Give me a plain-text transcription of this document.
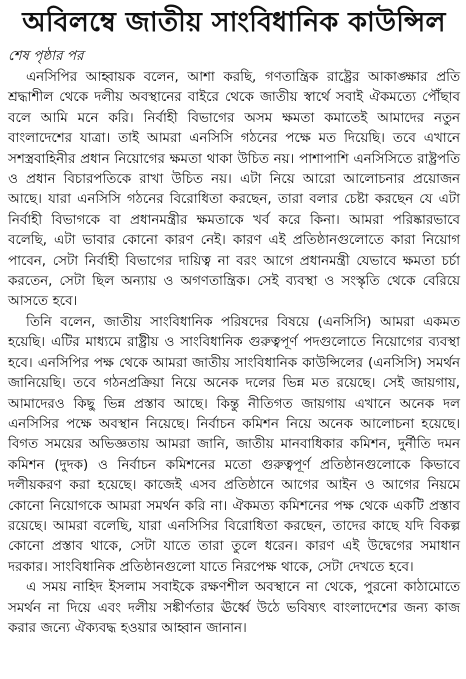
অবিলম্বে জাতীয় সাংবিধানিক কাউন্সিল
শেষ পৃষ্ঠার পর

এনসিপির আহ্বায়ক বলেন, আশা করছি, গণতান্ত্রিক রাষ্ট্রের আকাঙ্ক্ষার প্রতি শ্রদ্ধাশীল থেকে দলীয় অবস্থানের বাইরে থেকে জাতীয় স্বার্থে সবাই ঐকমত্যে পৌঁছাব বলে আমি মনে করি। নির্বাহী বিভাগের অসম ক্ষমতা কমাতেই আমাদের নতুন বাংলাদেশের যাত্রা। তাই আমরা এনসিসি গঠনের পক্ষে মত দিয়েছি। তবে এখানে সশস্ত্রবাহিনীর প্রধান নিয়োগের ক্ষমতা থাকা উচিত নয়। পাশাপাশি এনসিসিতে রাষ্ট্রপতি ও প্রধান বিচারপতিকে রাখা উচিত নয়। এটা নিয়ে আরো আলোচনার প্রয়োজন আছে। যারা এনসিসি গঠনের বিরোধিতা করছেন, তারা বলার চেষ্টা করছেন যে এটা নির্বাহী বিভাগকে বা প্রধানমন্ত্রীর ক্ষমতাকে খর্ব করে কিনা। আমরা পরিষ্কারভাবে বলেছি, এটা ভাবার কোনো কারণ নেই। কারণ এই প্রতিষ্ঠানগুলোতে কারা নিয়োগ পাবেন, সেটা নির্বাহী বিভাগের দায়িত্ব না বরং আগে প্রধানমন্ত্রী যেভাবে ক্ষমতা চর্চা করতেন, সেটা ছিল অন্যায় ও অগণতান্ত্রিক। সেই ব্যবস্থা ও সংস্কৃতি থেকে বেরিয়ে আসতে হবে।

তিনি বলেন, জাতীয় সাংবিধানিক পরিষদের বিষয়ে (এনসিসি) আমরা একমত হয়েছি। এটির মাধ্যমে রাষ্ট্রীয় ও সাংবিধানিক গুরুত্বপূর্ণ পদগুলোতে নিয়োগের ব্যবস্থা হবে। এনসিপির পক্ষ থেকে আমরা জাতীয় সাংবিধানিক কাউন্সিলের (এনসিসি) সমর্থন জানিয়েছি। তবে গঠনপ্রক্রিয়া নিয়ে অনেক দলের ভিন্ন মত রয়েছে। সেই জায়গায়, আমাদেরও কিছু ভিন্ন প্রস্তাব আছে। কিন্তু নীতিগত জায়গায় এখানে অনেক দল এনসিসির পক্ষে অবস্থান নিয়েছে। নির্বাচন কমিশন নিয়ে অনেক আলোচনা হয়েছে। বিগত সময়ের অভিজ্ঞতায় আমরা জানি, জাতীয় মানবাধিকার কমিশন, দুর্নীতি দমন কমিশন (দুদক) ও নির্বাচন কমিশনের মতো গুরুত্বপূর্ণ প্রতিষ্ঠানগুলোকে কিভাবে দলীয়করণ করা হয়েছে। কাজেই এসব প্রতিষ্ঠানে আগের আইন ও আগের নিয়মে কোনো নিয়োগকে আমরা সমর্থন করি না। ঐকমত্য কমিশনের পক্ষ থেকে একটি প্রস্তাব রয়েছে। আমরা বলেছি, যারা এনসিসির বিরোধিতা করছেন, তাদের কাছে যদি বিকল্প কোনো প্রস্তাব থাকে, সেটা যাতে তারা তুলে ধরেন। কারণ এই উদ্বেগের সমাধান দরকার। সাংবিধানিক প্রতিষ্ঠানগুলো যাতে নিরপেক্ষ থাকে, সেটা দেখতে হবে।

এ সময় নাহিদ ইসলাম সবাইকে রক্ষণশীল অবস্থানে না থেকে, পুরনো কাঠামোতে সমর্থন না দিয়ে এবং দলীয় সঙ্কীর্ণতার ঊর্ধ্বে উঠে ভবিষ্যৎ বাংলাদেশের জন্য কাজ করার জন্যে ঐক্যবদ্ধ হওয়ার আহ্বান জানান।
